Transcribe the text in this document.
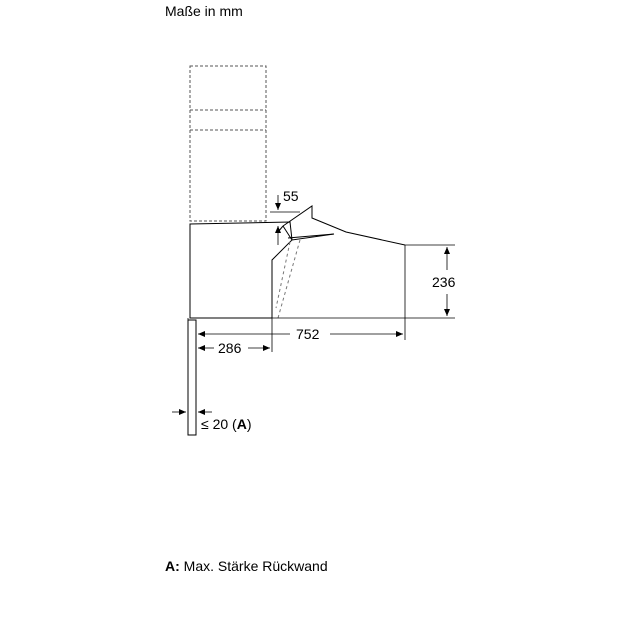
Maße in mm
55
236
752
286
≤ 20 (A)
A: Max. Stärke Rückwand
